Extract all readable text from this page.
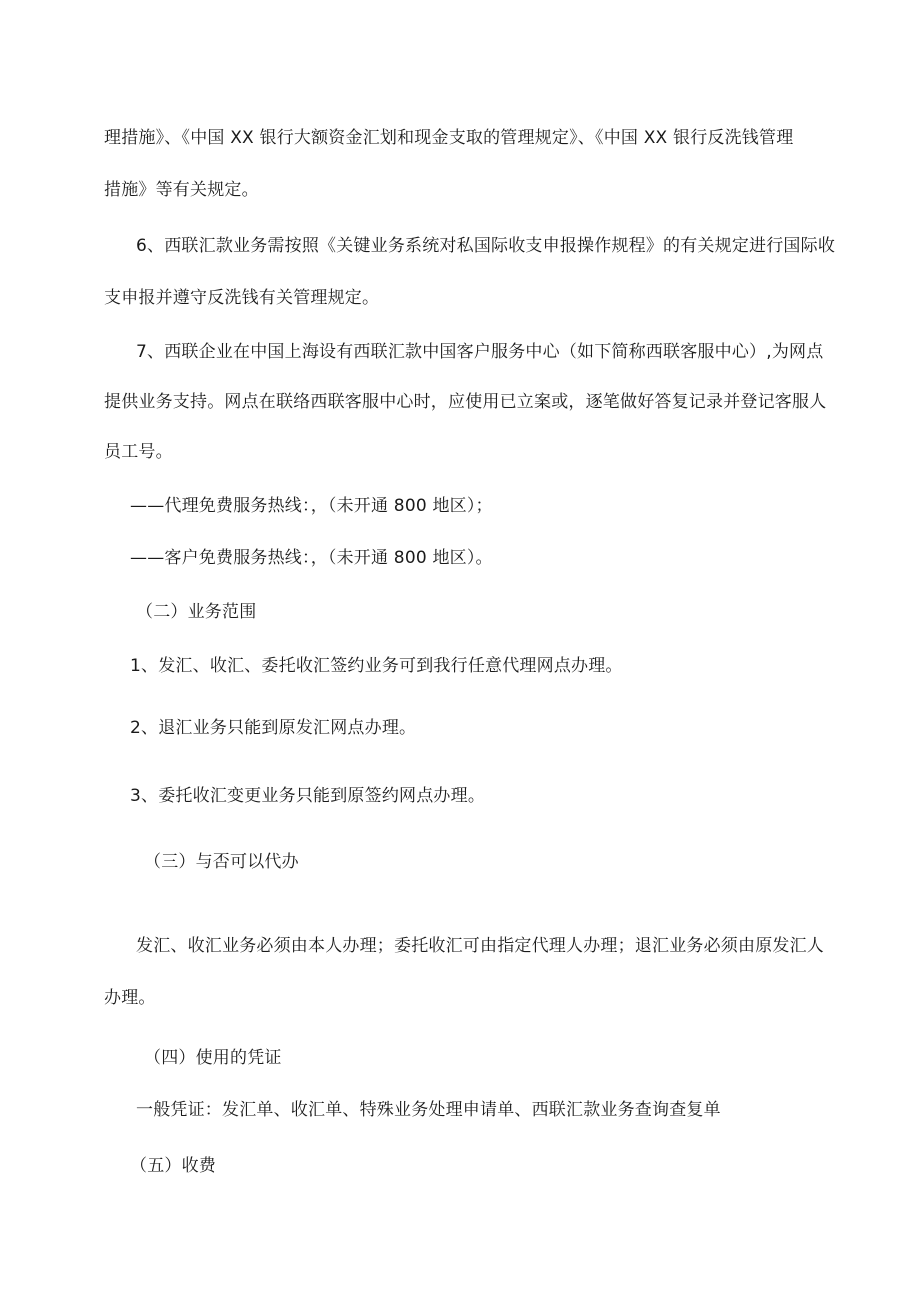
理措施》、《中国 XX 银行大额资金汇划和现金支取的管理规定》、《中国 XX 银行反洗钱管理
措施》等有关规定。
6、西联汇款业务需按照《关键业务系统对私国际收支申报操作规程》的有关规定进行国际收
支申报并遵守反洗钱有关管理规定。
7、西联企业在中国上海设有西联汇款中国客户服务中心（如下简称西联客服中心）,为网点
提供业务支持。网点在联络西联客服中心时，应使用已立案或，逐笔做好答复记录并登记客服人
员工号。
——代理免费服务热线：，（未开通 800 地区）；
——客户免费服务热线：，（未开通 800 地区）。
（二）业务范围
1、发汇、收汇、委托收汇签约业务可到我行任意代理网点办理。
2、退汇业务只能到原发汇网点办理。
3、委托收汇变更业务只能到原签约网点办理。
（三）与否可以代办
发汇、收汇业务必须由本人办理；委托收汇可由指定代理人办理；退汇业务必须由原发汇人
办理。
（四）使用的凭证
一般凭证：发汇单、收汇单、特殊业务处理申请单、西联汇款业务查询查复单
（五）收费
